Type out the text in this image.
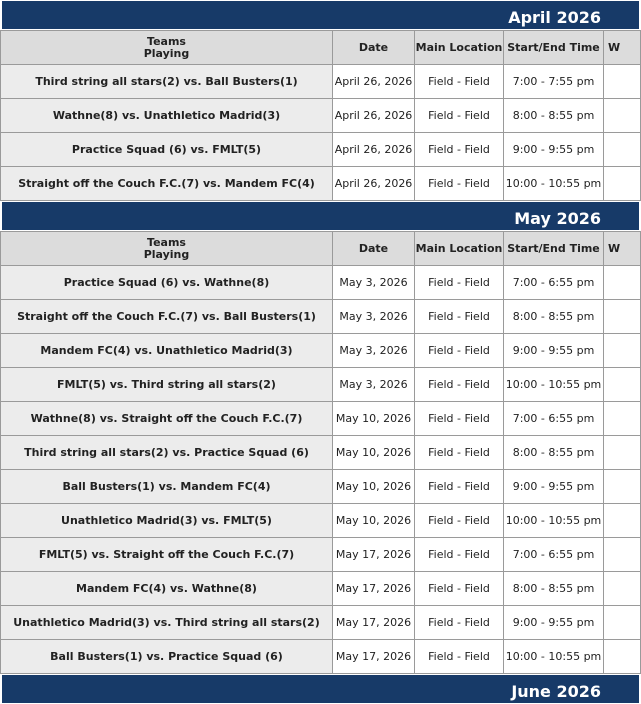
April 2026
Teams
Playing	Date	Main Location	Start/End Time	W
Third string all stars(2) vs. Ball Busters(1)	April 26, 2026	Field - Field	7:00 - 7:55 pm	
Wathne(8) vs. Unathletico Madrid(3)	April 26, 2026	Field - Field	8:00 - 8:55 pm	
Practice Squad (6) vs. FMLT(5)	April 26, 2026	Field - Field	9:00 - 9:55 pm	
Straight off the Couch F.C.(7) vs. Mandem FC(4)	April 26, 2026	Field - Field	10:00 - 10:55 pm	
May 2026
Teams
Playing	Date	Main Location	Start/End Time	W
Practice Squad (6) vs. Wathne(8)	May 3, 2026	Field - Field	7:00 - 6:55 pm	
Straight off the Couch F.C.(7) vs. Ball Busters(1)	May 3, 2026	Field - Field	8:00 - 8:55 pm	
Mandem FC(4) vs. Unathletico Madrid(3)	May 3, 2026	Field - Field	9:00 - 9:55 pm	
FMLT(5) vs. Third string all stars(2)	May 3, 2026	Field - Field	10:00 - 10:55 pm	
Wathne(8) vs. Straight off the Couch F.C.(7)	May 10, 2026	Field - Field	7:00 - 6:55 pm	
Third string all stars(2) vs. Practice Squad (6)	May 10, 2026	Field - Field	8:00 - 8:55 pm	
Ball Busters(1) vs. Mandem FC(4)	May 10, 2026	Field - Field	9:00 - 9:55 pm	
Unathletico Madrid(3) vs. FMLT(5)	May 10, 2026	Field - Field	10:00 - 10:55 pm	
FMLT(5) vs. Straight off the Couch F.C.(7)	May 17, 2026	Field - Field	7:00 - 6:55 pm	
Mandem FC(4) vs. Wathne(8)	May 17, 2026	Field - Field	8:00 - 8:55 pm	
Unathletico Madrid(3) vs. Third string all stars(2)	May 17, 2026	Field - Field	9:00 - 9:55 pm	
Ball Busters(1) vs. Practice Squad (6)	May 17, 2026	Field - Field	10:00 - 10:55 pm	
June 2026
